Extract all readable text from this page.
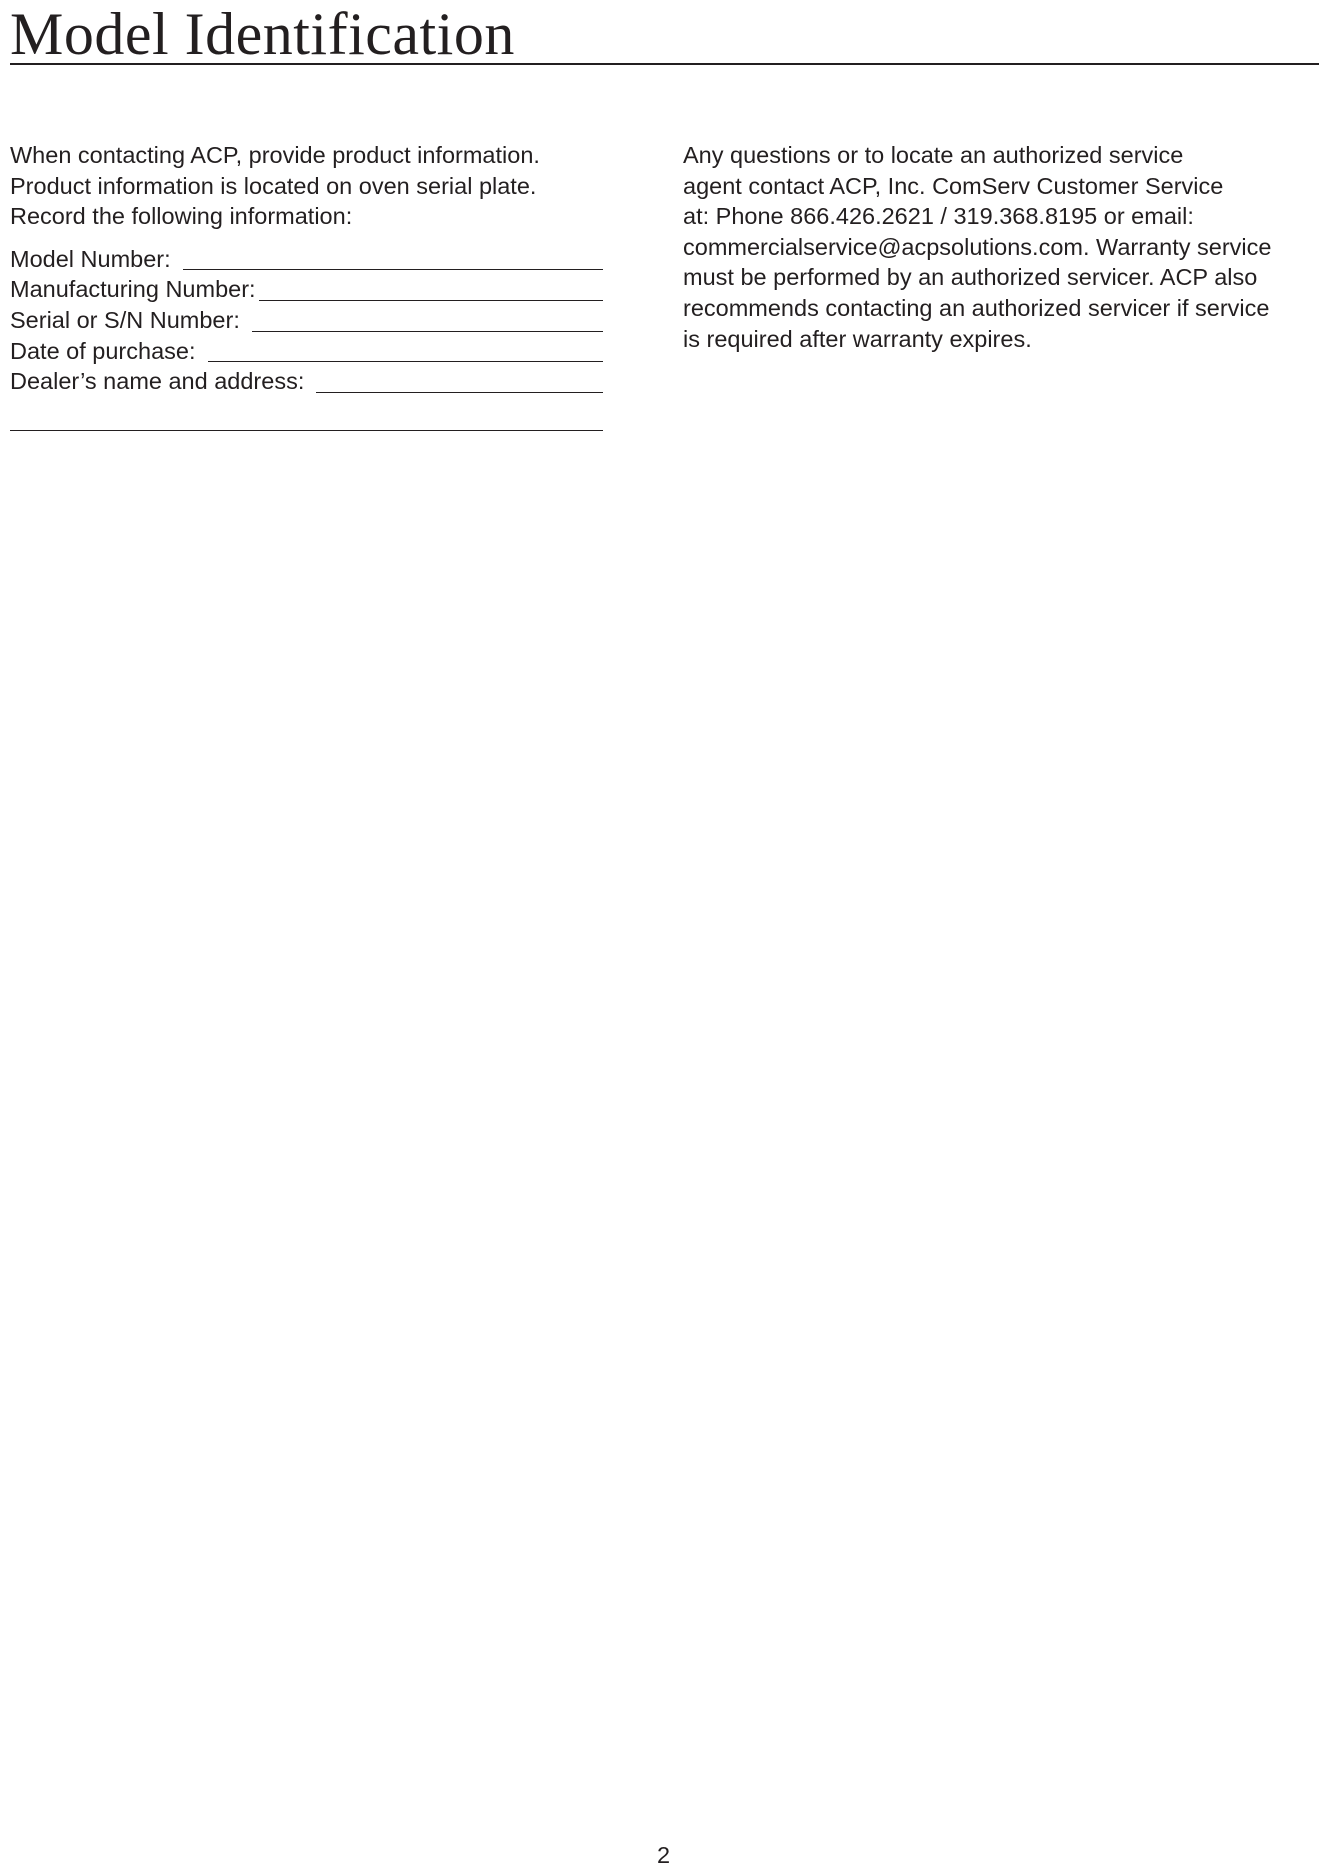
Model Identification

When contacting ACP, provide product information.
Product information is located on oven serial plate.
Record the following information:

Model Number:
Manufacturing Number:
Serial or S/N Number:
Date of purchase:
Dealer’s name and address:

Any questions or to locate an authorized service
agent contact ACP, Inc. ComServ Customer Service
at: Phone 866.426.2621 / 319.368.8195 or email:
commercialservice@acpsolutions.com. Warranty service
must be performed by an authorized servicer. ACP also
recommends contacting an authorized servicer if service
is required after warranty expires.

2
